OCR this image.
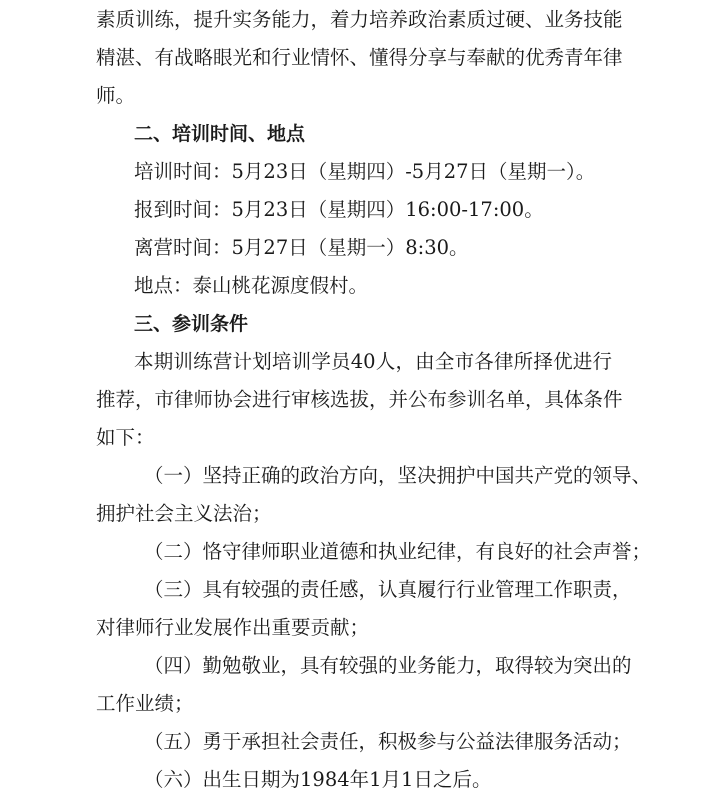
素质训练，提升实务能力，着力培养政治素质过硬、业务技能
精湛、有战略眼光和行业情怀、懂得分享与奉献的优秀青年律
师。
二、培训时间、地点
培训时间：5月23日（星期四）-5月27日（星期一）。
报到时间：5月23日（星期四）16:00-17:00。
离营时间：5月27日（星期一）8:30。
地点：泰山桃花源度假村。
三、参训条件
本期训练营计划培训学员40人，由全市各律所择优进行
推荐，市律师协会进行审核选拔，并公布参训名单，具体条件
如下：
（一）坚持正确的政治方向，坚决拥护中国共产党的领导、
拥护社会主义法治；
（二）恪守律师职业道德和执业纪律，有良好的社会声誉；
（三）具有较强的责任感，认真履行行业管理工作职责，
对律师行业发展作出重要贡献；
（四）勤勉敬业，具有较强的业务能力，取得较为突出的
工作业绩；
（五）勇于承担社会责任，积极参与公益法律服务活动；
（六）出生日期为1984年1月1日之后。
